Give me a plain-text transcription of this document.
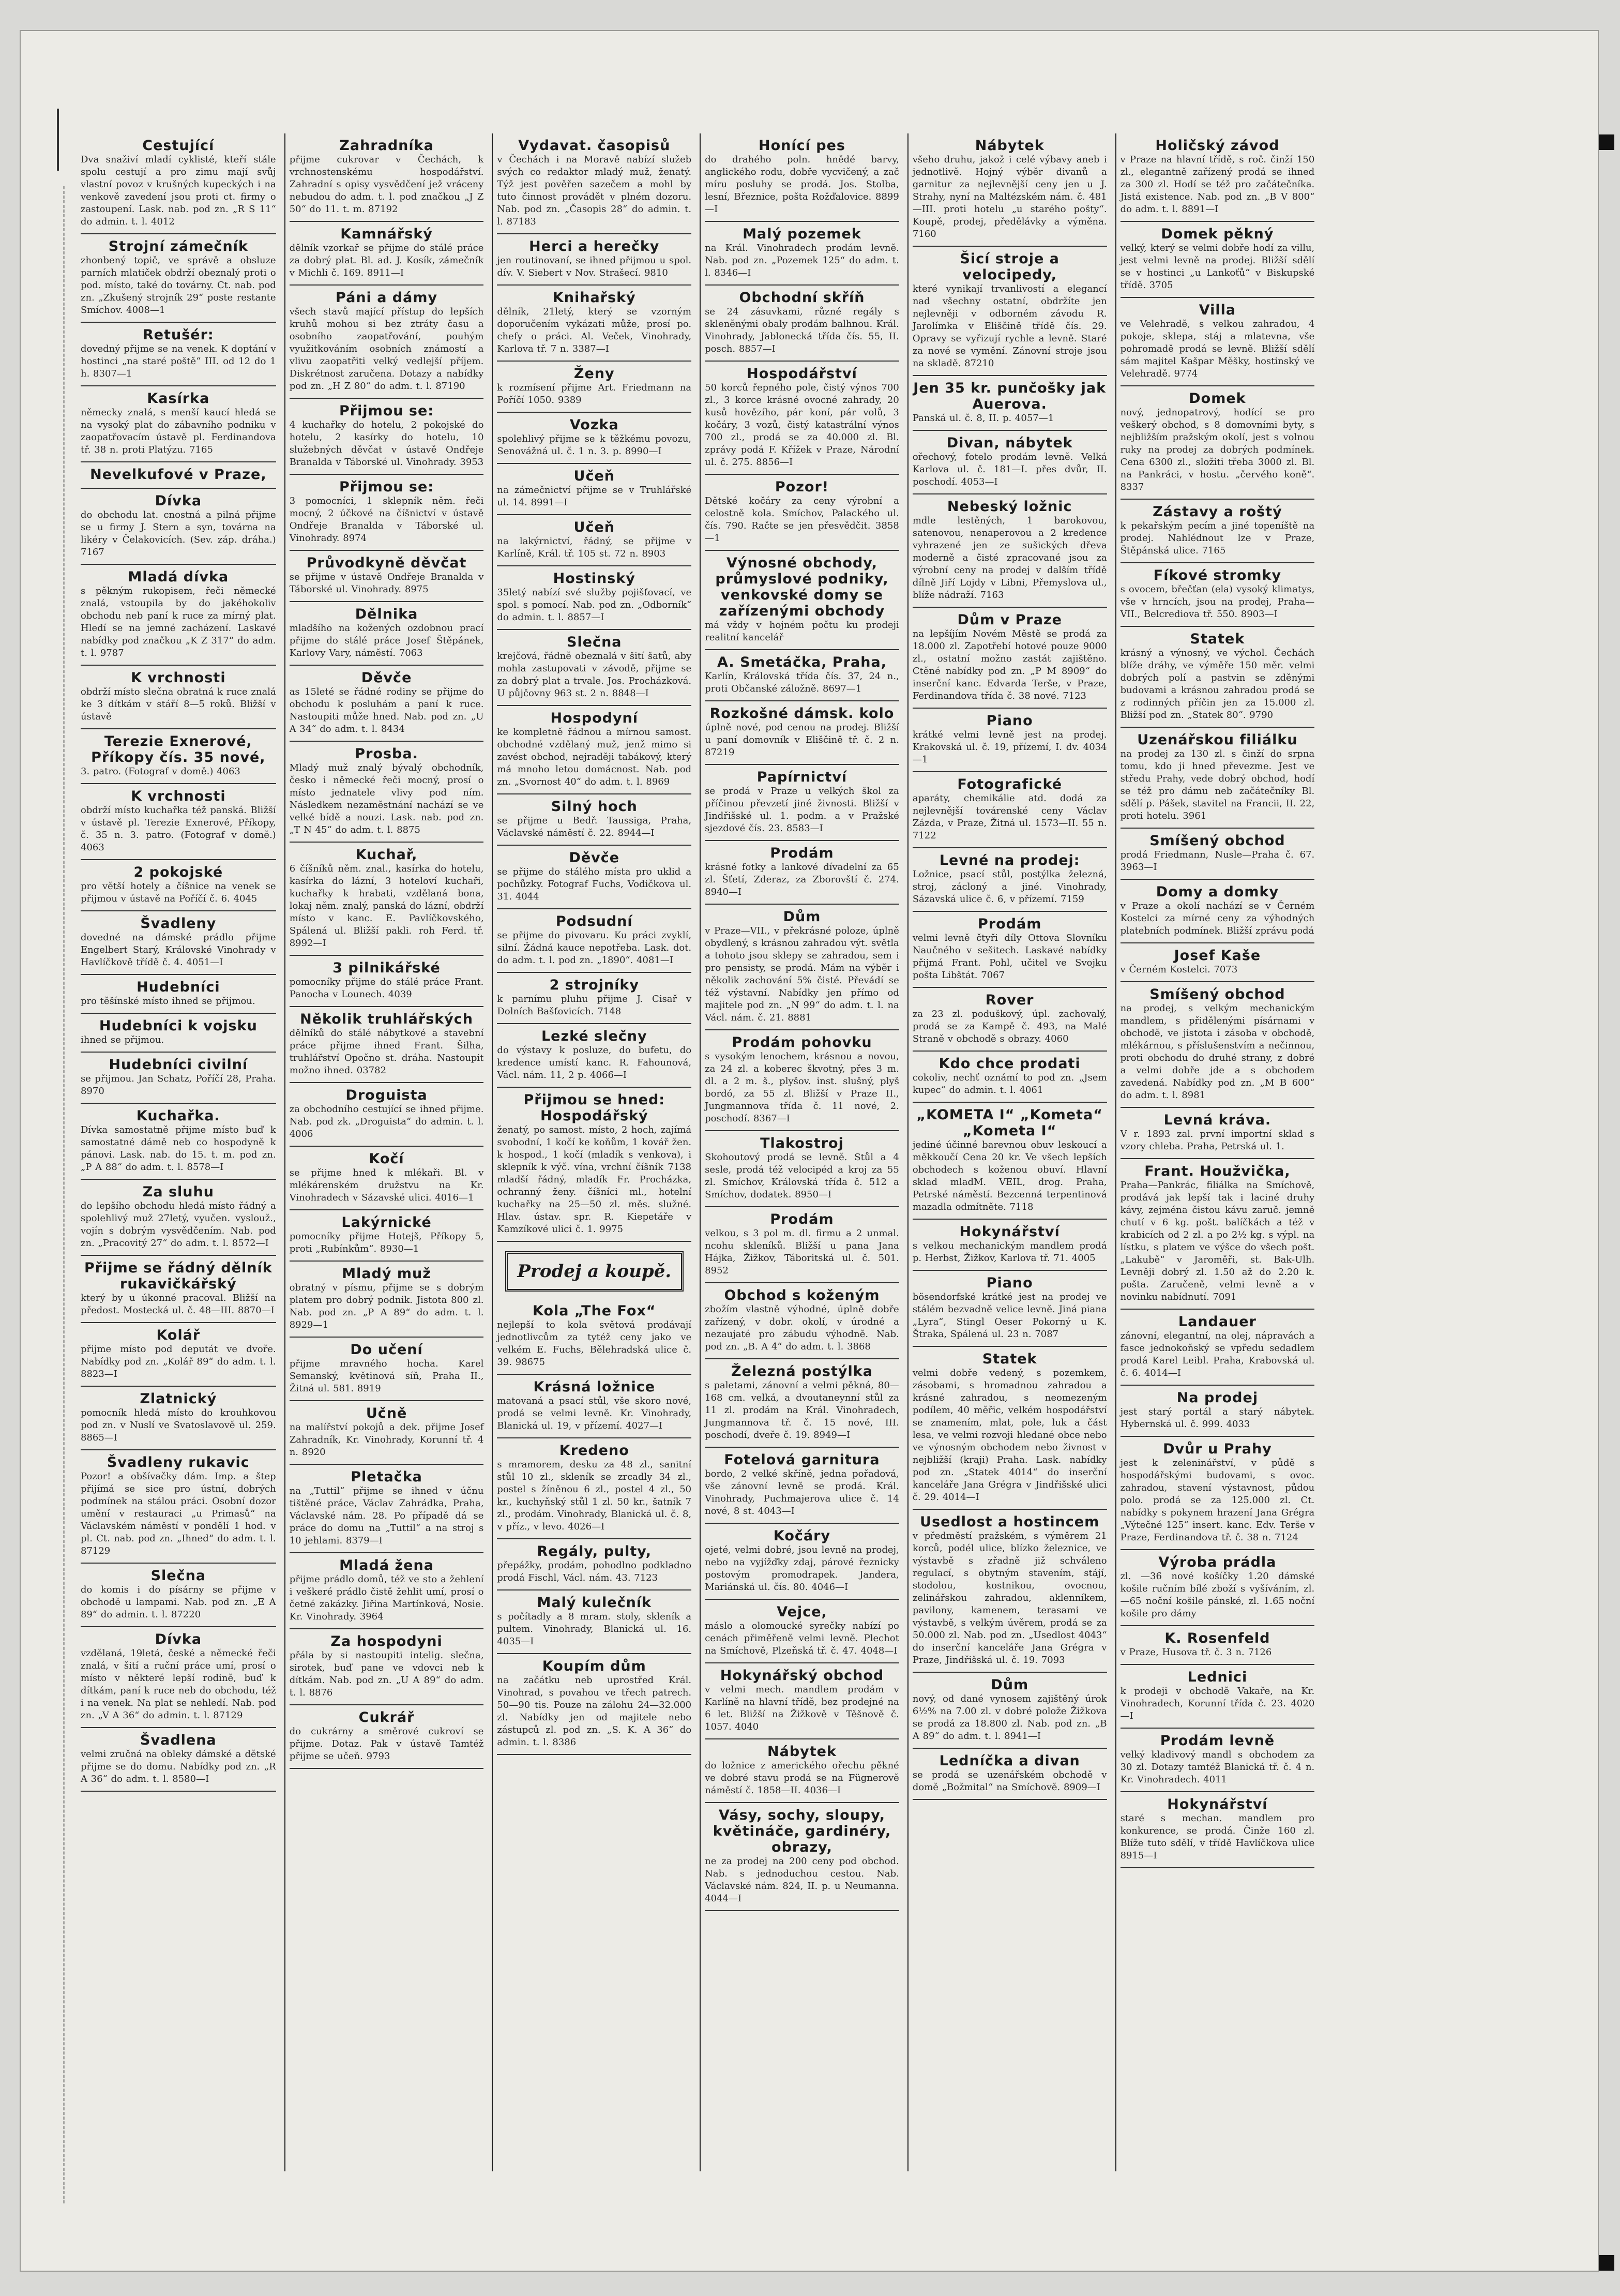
Cestující
Dva snaživí mladí cyklisté, kteří stále spolu cestují a pro zimu mají svůj vlastní povoz v krušných kupeckých i na venkově zavedení jsou proti ct. firmy o zastoupení. Lask. nab. pod zn. „R S 11“ do admin. t. l. 4012
Strojní zámečník
zhonbený topič, ve správě a obsluze parních mlatiček obdrží obeznalý proti o pod. místo, také do továrny. Ct. nab. pod zn. „Zkušený strojník 29“ poste restante Smíchov. 4008—1
Retušér:
dovedný přijme se na venek. K doptání v hostinci „na staré poště“ III. od 12 do 1 h. 8307—1
Kasírka
německy znalá, s menší kaucí hledá se na vysoký plat do zábavního podniku v zaopatřovacím ústavě pl. Ferdinandova tř. 38 n. proti Platýzu. 7165
Nevelkufové v Praze,
Dívka
do obchodu lat. cnostná a pilná přijme se u firmy J. Stern a syn, továrna na likéry v Čelakovicích. (Sev. záp. dráha.) 7167
Mladá dívka
s pěkným rukopisem, řeči německé znalá, vstoupila by do jakéhokoliv obchodu neb paní k ruce za mírný plat. Hledí se na jemné zacházení. Laskavé nabídky pod značkou „K Z 317“ do adm. t. l. 9787
K vrchnosti
obdrží místo slečna obratná k ruce znalá ke 3 dítkám v stáří 8—5 roků. Bližší v ústavě
Terezie Exnerové, Příkopy čís. 35 nové,
3. patro. (Fotograf v domě.) 4063
K vrchnosti
obdrží místo kuchařka též panská. Bližší v ústavě pl. Terezie Exnerové, Příkopy, č. 35 n. 3. patro. (Fotograf v domě.) 4063
2 pokojské
pro větší hotely a číšnice na venek se přijmou v ústavě na Poříčí č. 6. 4045
Švadleny
dovedné na dámské prádlo přijme Engelbert Starý, Královské Vinohrady v Havlíčkově třídě č. 4. 4051—I
Hudebníci
pro těšínské místo ihned se přijmou.
Hudebníci k vojsku
ihned se přijmou.
Hudebníci civilní
se přijmou. Jan Schatz, Poříčí 28, Praha. 8970
Kuchařka.
Dívka samostatně přijme místo buď k samostatné dámě neb co hospodyně k pánovi. Lask. nab. do 15. t. m. pod zn. „P A 88“ do adm. t. l. 8578—I
Za sluhu
do lepšího obchodu hledá místo řádný a spolehlivý muž 27letý, vyučen. vyslouž., vojín s dobrým vysvědčením. Nab. pod zn. „Pracovitý 27“ do adm. t. l. 8572—I
Přijme se řádný dělník rukavičkářský
který by u úkonné pracoval. Bližší na předost. Mostecká ul. č. 48—III. 8870—I
Kolář
přijme místo pod deputát ve dvoře. Nabídky pod zn. „Kolář 89“ do adm. t. l. 8823—I
Zlatnický
pomocník hledá místo do krouhkovou pod zn. v Nuslí ve Svatoslavově ul. 259. 8865—I
Švadleny rukavic
Pozor! a obšívačky dám. Imp. a štep přijímá se sice pro ústní, dobrých podmínek na stálou práci. Osobní dozor umění v restauraci „u Primasů“ na Václavském náměstí v pondělí 1 hod. v pl. Ct. nab. pod zn. „Ihned“ do adm. t. l. 87129
Slečna
do komis i do písárny se přijme v obchodě u lampami. Nab. pod zn. „E A 89“ do admin. t. l. 87220
Dívka
vzdělaná, 19letá, české a německé řeči znalá, v šití a ruční práce umí, prosí o místo v některé lepší rodině, buď k dítkám, paní k ruce neb do obchodu, též i na venek. Na plat se nehledí. Nab. pod zn. „V A 36“ do admin. t. l. 87129
Švadlena
velmi zručná na obleky dámské a dětské přijme se do domu. Nabídky pod zn. „R A 36“ do adm. t. l. 8580—I
Zahradníka
přijme cukrovar v Čechách, k vrchnostenskému hospodářství. Zahradní s opisy vysvědčení jež vráceny nebudou do adm. t. l. pod značkou „J Z 50“ do 11. t. m. 87192
Kamnářský
dělník vzorkař se přijme do stálé práce za dobrý plat. Bl. ad. J. Kosík, zámečník v Michli č. 169. 8911—I
Páni a dámy
všech stavů mající přístup do lepších kruhů mohou si bez ztráty času a osobního zaopatřování, pouhým využitkováním osobních známostí a vlivu zaopatřiti velký vedlejší příjem. Diskrétnost zaručena. Dotazy a nabídky pod zn. „H Z 80“ do adm. t. l. 87190
Přijmou se:
4 kuchařky do hotelu, 2 pokojské do hotelu, 2 kasírky do hotelu, 10 služebných děvčat v ústavě Ondřeje Branalda v Táborské ul. Vinohrady. 3953
Přijmou se:
3 pomocníci, 1 sklepník něm. řeči mocný, 2 účkové na číšnictví v ústavě Ondřeje Branalda v Táborské ul. Vinohrady. 8974
Průvodkyně děvčat
se přijme v ústavě Ondřeje Branalda v Táborské ul. Vinohrady. 8975
Dělnika
mladšího na kožených ozdobnou prací přijme do stálé práce Josef Štěpánek, Karlovy Vary, náměstí. 7063
Děvče
as 15leté se řádné rodiny se přijme do obchodu k posluhám a paní k ruce. Nastoupiti může hned. Nab. pod zn. „U A 34“ do adm. t. l. 8434
Prosba.
Mladý muž znalý bývalý obchodník, česko i německé řeči mocný, prosí o místo jednatele vlivy pod ním. Následkem nezaměstnání nachází se ve velké bídě a nouzi. Lask. nab. pod zn. „T N 45“ do adm. t. l. 8875
Kuchař,
6 číšníků něm. znal., kasírka do hotelu, kasírka do lázní, 3 hoteloví kuchaři, kuchařky k hrabati, vzdělaná bona, lokaj něm. znalý, panská do lázní, obdrží místo v kanc. E. Pavlíčkovského, Spálená ul. Bližší pakli. roh Ferd. tř. 8992—I
3 pilnikářské
pomocníky přijme do stálé práce Frant. Panocha v Lounech. 4039
Několik truhlářských
dělníků do stálé nábytkové a stavební práce přijme ihned Frant. Šilha, truhlářství Opočno st. dráha. Nastoupit možno ihned. 03782
Droguista
za obchodního cestující se ihned přijme. Nab. pod zk. „Droguista“ do admin. t. l. 4006
Kočí
se přijme hned k mlékaři. Bl. v mlékárenském družstvu na Kr. Vinohradech v Sázavské ulici. 4016—1
Lakýrnické
pomocníky přijme Hotejš, Příkopy 5, proti „Rubínkům“. 8930—1
Mladý muž
obratný v písmu, přijme se s dobrým platem pro dobrý podnik. Jistota 800 zl. Nab. pod zn. „P A 89“ do adm. t. l. 8929—1
Do učení
přijme mravného hocha. Karel Semanský, květinová síň, Praha II., Žitná ul. 581. 8919
Učně
na malířství pokojů a dek. přijme Josef Zahradník, Kr. Vinohrady, Korunní tř. 4 n. 8920
Pletačka
na „Tuttil“ přijme se ihned v účnu tištěné práce, Václav Zahrádka, Praha, Václavské nám. 28. Po případě dá se práce do domu na „Tuttil“ a na stroj s 10 jehlami. 8379—I
Mladá žena
přijme prádlo domů, též ve sto a žehlení i veškeré prádlo čistě žehlit umí, prosí o četné zakázky. Jiřina Martínková, Nosie. Kr. Vinohrady. 3964
Za hospodyni
přála by si nastoupiti intelig. slečna, sirotek, buď pane ve vdovci neb k dítkám. Nab. pod zn. „U A 89“ do adm. t. l. 8876
Cukrář
do cukrárny a směrové cukroví se přijme. Dotaz. Pak v ústavě Tamtéž přijme se učeň. 9793
Vydavat. časopisů
v Čechách i na Moravě nabízí služeb svých co redaktor mladý muž, ženatý. Týž jest pověřen sazečem a mohl by tuto činnost provádět v plném dozoru. Nab. pod zn. „Časopis 28“ do admin. t. l. 87183
Herci a herečky
jen routinovaní, se ihned přijmou u spol. dív. V. Siebert v Nov. Strašecí. 9810
Knihařský
dělník, 21letý, který se vzorným doporučením vykázati může, prosí po. chefy o práci. Al. Veček, Vinohrady, Karlova tř. 7 n. 3387—I
Ženy
k rozmísení přijme Art. Friedmann na Poříčí 1050. 9389
Vozka
spolehlivý přijme se k těžkému povozu, Senovážná ul. č. 1 n. 3. p. 8990—I
Učeň
na zámečnictví přijme se v Truhlářské ul. 14. 8991—I
Učeň
na lakýrnictví, řádný, se přijme v Karlíně, Král. tř. 105 st. 72 n. 8903
Hostinský
35letý nabízí své služby pojišťovací, ve spol. s pomocí. Nab. pod zn. „Odborník“ do admin. t. l. 8857—I
Slečna
krejčová, řádně obeznalá v šití šatů, aby mohla zastupovati v závodě, přijme se za dobrý plat a trvale. Jos. Procházková. U půjčovny 963 st. 2 n. 8848—I
Hospodyní
ke kompletně řádnou a mírnou samost. obchodné vzdělaný muž, jenž mimo si zavést obchod, nejraději tabákový, který má mnoho letou domácnost. Nab. pod zn. „Svornost 40“ do adm. t. l. 8969
Silný hoch
se přijme u Bedř. Taussiga, Praha, Václavské náměstí č. 22. 8944—I
Děvče
se přijme do stálého místa pro uklid a pochůzky. Fotograf Fuchs, Vodičkova ul. 31. 4044
Podsudní
se přijme do pivovaru. Ku práci zvyklí, silní. Žádná kauce nepotřeba. Lask. dot. do adm. t. l. pod zn. „1890“. 4081—I
2 strojníky
k parnímu pluhu přijme J. Cisař v Dolních Bašťovicích. 7148
Lezké slečny
do výstavy k posluze, do bufetu, do kredence umístí kanc. R. Fahounová, Václ. nám. 11, 2 p. 4066—I
Přijmou se hned: Hospodářský
ženatý, po samost. místo, 2 hoch, zajímá svobodní, 1 kočí ke koňům, 1 kovář žen. k hospod., 1 kočí (mladík s venkova), i sklepník k výč. vína, vrchní číšník 7138 mladší řádný, mladík Fr. Procházka, ochranný ženy. číšníci ml., hotelní kuchařky na 25—50 zl. měs. služné. Hlav. ústav. spr. R. Kiepetáře v Kamzíkové ulici č. 1. 9975
Prodej a koupě.
Kola „The Fox“
nejlepší to kola světová prodávají jednotlivcům za tytéž ceny jako ve velkém E. Fuchs, Bělehradská ulice č. 39. 98675
Krásná ložnice
matovaná a psací stůl, vše skoro nové, prodá se velmi levně. Kr. Vinohrady, Blanická ul. 19, v přízemí. 4027—I
Kredeno
s mramorem, desku za 48 zl., sanitní stůl 10 zl., skleník se zrcadly 34 zl., postel s žíněnou 6 zl., postel 4 zl., 50 kr., kuchyňský stůl 1 zl. 50 kr., šatník 7 zl., prodám. Vinohrady, Blanická ul. č. 8, v příz., v levo. 4026—I
Regály, pulty,
přepážky, prodám, pohodlno podkladno prodá Fischl, Václ. nám. 43. 7123
Malý kulečník
s počítadly a 8 mram. stoly, skleník a pultem. Vinohrady, Blanická ul. 16. 4035—I
Koupím dům
na začátku neb uprostřed Král. Vinohrad, s povahou ve třech patrech. 50—90 tis. Pouze na zálohu 24—32.000 zl. Nabídky jen od majitele nebo zástupců zl. pod zn. „S. K. A 36“ do admin. t. l. 8386
Honící pes
do drahého poln. hnědé barvy, anglického rodu, dobře vycvičený, a zač míru posluhy se prodá. Jos. Stolba, lesní, Březnice, pošta Rožďalovice. 8899—I
Malý pozemek
na Král. Vinohradech prodám levně. Nab. pod zn. „Pozemek 125“ do adm. t. l. 8346—I
Obchodní skříň
se 24 zásuvkami, různé regály s skleněnými obaly prodám balhnou. Král. Vinohrady, Jablonecká třída čís. 55, II. posch. 8857—I
Hospodářství
50 korců řepného pole, čistý výnos 700 zl., 3 korce krásné ovocné zahrady, 20 kusů hovězího, pár koní, pár volů, 3 kočáry, 3 vozů, čistý katastrální výnos 700 zl., prodá se za 40.000 zl. Bl. zprávy podá F. Křížek v Praze, Národní ul. č. 275. 8856—I
Pozor!
Dětské kočáry za ceny výrobní a celostně kola. Smíchov, Palackého ul. čís. 790. Račte se jen přesvědčit. 3858—1
Výnosné obchody, průmyslové podniky, venkovské domy se zařízenými obchody
má vždy v hojném počtu ku prodeji realitní kancelář
A. Smetáčka, Praha,
Karlín, Královská třída čís. 37, 24 n., proti Občanské záložně. 8697—1
Rozkošné dámsk. kolo
úplně nové, pod cenou na prodej. Bližší u paní domovník v Eliščině tř. č. 2 n. 87219
Papírnictví
se prodá v Praze u velkých škol za příčinou převzetí jiné živnosti. Bližší v Jindřišské ul. 1. podm. a v Pražské sjezdové čís. 23. 8583—I
Prodám
krásné fotky a lankové dívadelní za 65 zl. Šťetí, Zderaz, za Zborovští č. 274. 8940—I
Dům
v Praze—VII., v překrásné poloze, úplně obydlený, s krásnou zahradou výt. světla a tohoto jsou sklepy se zahradou, sem i pro pensisty, se prodá. Mám na výběr i několik zachování 5% čisté. Převádí se též výstavní. Nabídky jen přímo od majitele pod zn. „N 99“ do adm. t. l. na Václ. nám. č. 21. 8881
Prodám pohovku
s vysokým lenochem, krásnou a novou, za 24 zl. a koberec škvotný, přes 3 m. dl. a 2 m. š., plyšov. inst. slušný, plyš bordó, za 55 zl. Bližší v Praze II., Jungmannova třída č. 11 nové, 2. poschodí. 8367—I
Tlakostroj
Skohoutový prodá se levně. Stůl a 4 sesle, prodá též velocipéd a kroj za 55 zl. Smíchov, Královská třída č. 512 a Smíchov, dodatek. 8950—I
Prodám
velkou, s 3 pol m. dl. firmu a 2 unmal. ncohu skleníků. Bližší u pana Jana Hájka, Žižkov, Táboritská ul. č. 501. 8952
Obchod s koženým
zbožím vlastně výhodné, úplně dobře zařízený, v dobr. okolí, v úrodné a nezaujaté pro zábudu výhodně. Nab. pod zn. „B. A 4“ do adm. t. l. 3868
Železná postýlka
s paletami, zánovní a velmi pěkná, 80—168 cm. velká, a dvoutaneynní stůl za 11 zl. prodám na Král. Vinohradech, Jungmannova tř. č. 15 nové, III. poschodí, dveře č. 19. 8949—I
Fotelová garnitura
bordo, 2 velké skříně, jedna pořadová, vše zánovní levně se prodá. Král. Vinohrady, Puchmajerova ulice č. 14 nové, 8 st. 4043—I
Kočáry
ojeté, velmi dobré, jsou levně na prodej, nebo na vyjížďky zdaj, párové řeznicky postovým promodrapek. Jandera, Mariánská ul. čís. 80. 4046—I
Vejce,
máslo a olomoucké syrečky nabízí po cenách přiměřeně velmi levně. Plechot na Smíchově, Plzeňská tř. č. 47. 4048—I
Hokynářský obchod
v velmi mech. mandlem prodám v Karlíně na hlavní třídě, bez prodejné na 6 let. Bližší na Žižkově v Těšnově č. 1057. 4040
Nábytek
do ložnice z amerického ořechu pěkné ve dobré stavu prodá se na Fügnerově náměstí č. 1858—II. 4036—I
Vásy, sochy, sloupy, květináče, gardinéry, obrazy,
ne za prodej na 200 ceny pod obchod. Nab. s jednoduchou cestou. Nab. Václavské nám. 824, II. p. u Neumanna. 4044—I
Nábytek
všeho druhu, jakož i celé výbavy aneb i jednotlivě. Hojný výběr divanů a garnitur za nejlevnější ceny jen u J. Strahy, nyní na Maltézském nám. č. 481—III. proti hotelu „u starého pošty“. Koupě, prodej, předělávky a výměna. 7160
Šicí stroje a velocipedy,
které vynikají trvanlivostí a elegancí nad všechny ostatní, obdržíte jen nejlevněji v odborném závodu R. Jarolímka v Eliščině třídě čís. 29. Opravy se vyřizují rychle a levně. Staré za nové se vymění. Zánovní stroje jsou na skladě. 87210
Jen 35 kr. punčošky jak Auerova.
Panská ul. č. 8, II. p. 4057—1
Divan, nábytek
ořechový, fotelo prodám levně. Velká Karlova ul. č. 181—I. přes dvůr, II. poschodí. 4053—I
Nebeský ložnic
mdle lestěných, 1 barokovou, satenovou, nenaperovou a 2 kredence vyhrazené jen ze sušických dřeva moderně a čisté zpracované jsou za výrobní ceny na prodej v dalším třídě dílně Jiří Lojdy v Libni, Přemyslova ul., blíže nádraží. 7163
Dům v Praze
na lepšíjím Novém Městě se prodá za 18.000 zl. Zapotřebí hotové pouze 9000 zl., ostatní možno zastát zajištěno. Ctěné nabídky pod zn. „P M 8909“ do inserční kanc. Edvarda Terše, v Praze, Ferdinandova třída č. 38 nové. 7123
Piano
krátké velmi levně jest na prodej. Krakovská ul. č. 19, přízemí, I. dv. 4034—1
Fotografické
aparáty, chemikálie atd. dodá za nejlevnější továrenské ceny Václav Zázda, v Praze, Žitná ul. 1573—II. 55 n. 7122
Levné na prodej:
Ložnice, psací stůl, postýlka železná, stroj, zácloný a jiné. Vinohrady, Sázavská ulice č. 6, v přízemí. 7159
Prodám
velmi levně čtyři díly Ottova Slovníku Naučného v sešitech. Laskavé nabídky přijmá Frant. Pohl, učitel ve Svojku pošta Libštát. 7067
Rover
za 23 zl. poduškový, úpl. zachovalý, prodá se za Kampě č. 493, na Malé Straně v obchodě s obrazy. 4060
Kdo chce prodati
cokoliv, nechť oznámí to pod zn. „Jsem kupec“ do admin. t. l. 4061
„KOMETA I“ „Kometa“ „Kometa I“
jediné účinné barevnou obuv leskoucí a měkkoučí Cena 20 kr. Ve všech lepších obchodech s koženou obuví. Hlavní sklad mladM. VEIL, drog. Praha, Petrské náměstí. Bezcenná terpentinová mazadla odmítněte. 7118
Hokynářství
s velkou mechanickým mandlem prodá p. Herbst, Žižkov, Karlova tř. 71. 4005
Piano
bösendorfské krátké jest na prodej ve stálém bezvadně velice levně. Jiná piana „Lyra“, Stingl Oeser Pokorný u K. Štraka, Spálená ul. 23 n. 7087
Statek
velmi dobře vedený, s pozemkem, zásobami, s hromadnou zahradou a krásné zahradou, s neomezeným podílem, 40 měřic, velkém hospodářství se znamením, mlat, pole, luk a část lesa, ve velmi rozvoji hledané obce nebo ve výnosným obchodem nebo živnost v nejbližší (kraji) Praha. Lask. nabídky pod zn. „Statek 4014“ do inserční kanceláře Jana Grégra v Jindřišské ulici č. 29. 4014—I
Usedlost a hostincem
v předměstí pražském, s výměrem 21 korců, podél ulice, blízko železnice, ve výstavbě s zřadně již schváleno regulací, s obytným stavením, stájí, stodolou, kostnikou, ovocnou, zelinářskou zahradou, aklenníkem, pavilony, kamenem, terasami ve výstavbě, s velkým úvěrem, prodá se za 50.000 zl. Nab. pod zn. „Usedlost 4043“ do inserční kanceláře Jana Grégra v Praze, Jindřišská ul. č. 19. 7093
Dům
nový, od dané vynosem zajištěný úrok 6½% na 7.00 zl. v dobré polože Žižkova se prodá za 18.800 zl. Nab. pod zn. „B A 89“ do adm. t. l. 8941—I
Ledníčka a divan
se prodá se uzenářském obchodě v domě „Božmital“ na Smíchově. 8909—I
Holičský závod
v Praze na hlavní třídě, s roč. činží 150 zl., elegantně zařízený prodá se ihned za 300 zl. Hodí se též pro začátečníka. Jistá existence. Nab. pod zn. „B V 800“ do adm. t. l. 8891—I
Domek pěkný
velký, který se velmi dobře hodí za villu, jest velmi levně na prodej. Bližší sdělí se v hostinci „u Lankoťů“ v Biskupské třídě. 3705
Villa
ve Velehradě, s velkou zahradou, 4 pokoje, sklepa, stáj a mlatevna, vše pohromadě prodá se levně. Bližší sdělí sám majitel Kašpar Měšky, hostinský ve Velehradě. 9774
Domek
nový, jednopatrový, hodící se pro veškerý obchod, s 8 domovními byty, s nejbližším pražským okolí, jest s volnou ruky na prodej za dobrých podmínek. Cena 6300 zl., složiti třeba 3000 zl. Bl. na Pankráci, v hostu. „červého koně“. 8337
Zástavy a roštý
k pekařským pecím a jiné topeníště na prodej. Nahlédnout lze v Praze, Štěpánská ulice. 7165
Fíkové stromky
s ovocem, břečťan (ela) vysoký klimatys, vše v hrncích, jsou na prodej, Praha—VII., Belcrediova tř. 550. 8903—I
Statek
krásný a výnosný, ve výchol. Čechách blíže dráhy, ve výměře 150 měr. velmi dobrých polí a pastvin se zděnými budovami a krásnou zahradou prodá se z rodinných příčin jen za 15.000 zl. Bližší pod zn. „Statek 80“. 9790
Uzenářskou filiálku
na prodej za 130 zl. s činží do srpna tomu, kdo ji hned převezme. Jest ve středu Prahy, vede dobrý obchod, hodí se též pro dámu neb začátečníky Bl. sdělí p. Pášek, stavitel na Francii, II. 22, proti hotelu. 3961
Smíšený obchod
prodá Friedmann, Nusle—Praha č. 67. 3963—I
Domy a domky
v Praze a okolí nachází se v Černém Kostelci za mírné ceny za výhodných platebních podmínek. Bližší zprávu podá
Josef Kaše
v Černém Kostelci. 7073
Smíšený obchod
na prodej, s velkým mechanickým mandlem, s přidělenými písárnami v obchodě, ve jistota i zásoba v obchodě, mlékárnou, s příslušenstvím a nečinnou, proti obchodu do druhé strany, z dobré a velmi dobře jde a s obchodem zavedená. Nabídky pod zn. „M B 600“ do adm. t. l. 8981
Levná kráva.
V r. 1893 zal. první importní sklad s vzory chleba. Praha, Petrská ul. 1.
Frant. Houžvička,
Praha—Pankrác, filiálka na Smíchově, prodává jak lepší tak i laciné druhy kávy, zejména čistou kávu zaruč. jemně chutí v 6 kg. pošt. balíčkách a též v krabicích od 2 zl. a po 2½ kg. s výpl. na lístku, s platem ve výšce do všech pošt. „Lakubě“ v Jaroměři, st. Bak-Ulh. Levněji dobrý zl. 1.50 až do 2.20 k. pošta. Zaručeně, velmi levně a v novinku nabídnutí. 7091
Landauer
zánovní, elegantní, na olej, nápravách a fasce jednokoňský se vpředu sedadlem prodá Karel Leibl. Praha, Krabovská ul. č. 6. 4014—I
Na prodej
jest starý portál a starý nábytek. Hybernská ul. č. 999. 4033
Dvůr u Prahy
jest k zeleninářství, v půdě s hospodářskými budovami, s ovoc. zahradou, stavení výstavnost, půdou polo. prodá se za 125.000 zl. Ct. nabídky s pokynem hrazení Jana Grégra „Výtečné 125“ insert. kanc. Edv. Terše v Praze, Ferdinandova tř. č. 38 n. 7124
Výroba prádla
zl. —36 nové košíčky 1.20 dámské košile ručním bílé zboží s vyšíváním, zl. —65 noční košile pánské, zl. 1.65 noční košile pro dámy
K. Rosenfeld
v Praze, Husova tř. č. 3 n. 7126
Lednici
k prodeji v obchodě Vakaře, na Kr. Vinohradech, Korunní třída č. 23. 4020—I
Prodám levně
velký kladivový mandl s obchodem za 30 zl. Dotazy tamtéž Blanická tř. č. 4 n. Kr. Vinohradech. 4011
Hokynářství
staré s mechan. mandlem pro konkurence, se prodá. Činže 160 zl. Blíže tuto sdělí, v třídě Havlíčkova ulice 8915—I
